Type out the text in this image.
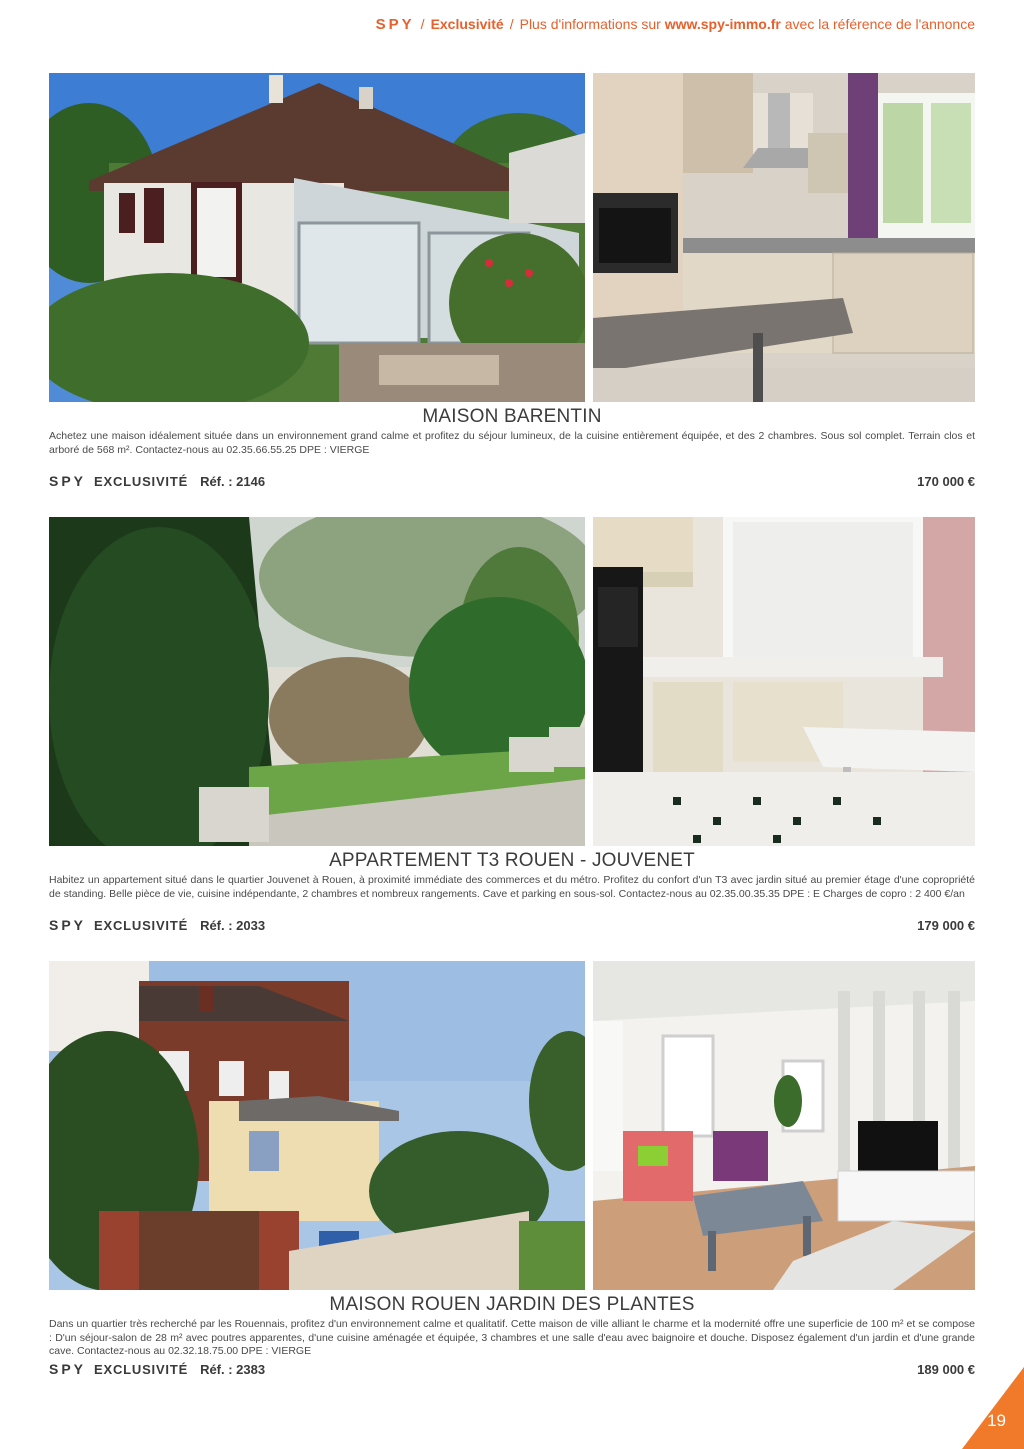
SPY / Exclusivité / Plus d'informations sur
www.spy-immo.fr
avec la référence de l'annonce
MAISON BARENTIN
Achetez une maison idéalement située dans un environnement grand calme et profitez du séjour lumineux, de la cuisine entièrement équipée, et des 2 chambres. Sous sol complet. Terrain clos et arboré de 568 m². Contactez-nous au 02.35.66.55.25 DPE : VIERGE
SPY EXCLUSIVITÉ Réf. : 2146	170 000 €
APPARTEMENT T3 ROUEN - JOUVENET
Habitez un appartement situé dans le quartier Jouvenet à Rouen, à proximité immédiate des commerces et du métro. Profitez du confort d'un T3 avec jardin situé au premier étage d'une copropriété de standing. Belle pièce de vie, cuisine indépendante, 2 chambres et nombreux rangements. Cave et parking en sous-sol. Contactez-nous au 02.35.00.35.35 DPE : E Charges de copro : 2 400 €/an
SPY EXCLUSIVITÉ Réf. : 2033	179 000 €
MAISON ROUEN JARDIN DES PLANTES
Dans un quartier très recherché par les Rouennais, profitez d'un environnement calme et qualitatif. Cette maison de ville alliant le charme et la modernité offre une superficie de 100 m² et se compose : D'un séjour-salon de 28 m² avec poutres apparentes, d'une cuisine aménagée et équipée, 3 chambres et une salle d'eau avec baignoire et douche. Disposez également d'un jardin et d'une grande cave. Contactez-nous au 02.32.18.75.00 DPE : VIERGE
SPY EXCLUSIVITÉ Réf. : 2383	189 000 €
19
